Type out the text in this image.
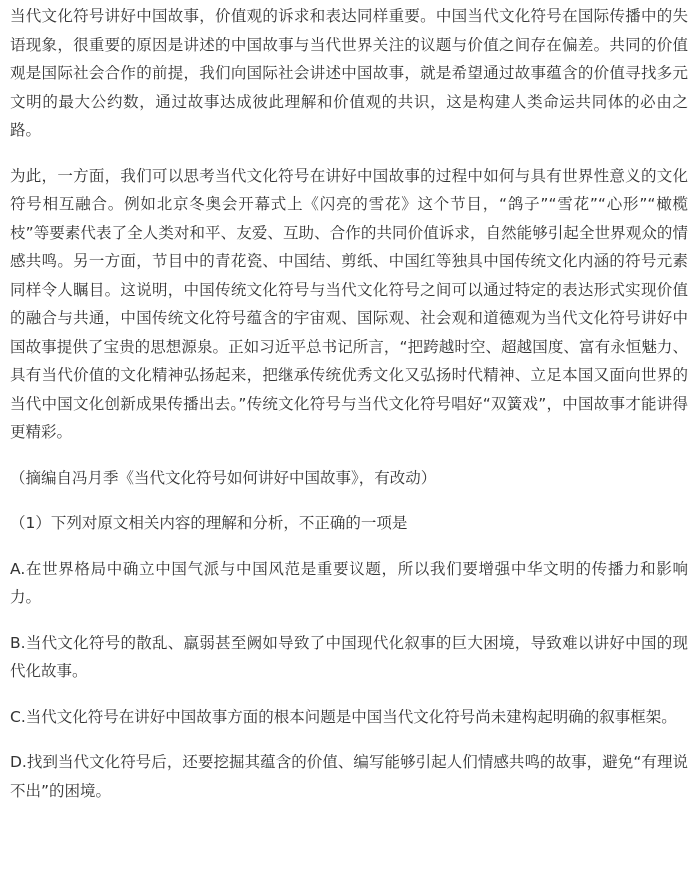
当代文化符号讲好中国故事，价值观的诉求和表达同样重要。中国当代文化符号在国际传播中的失语现象，很重要的原因是讲述的中国故事与当代世界关注的议题与价值之间存在偏差。共同的价值观是国际社会合作的前提，我们向国际社会讲述中国故事，就是希望通过故事蕴含的价值寻找多元文明的最大公约数，通过故事达成彼此理解和价值观的共识，这是构建人类命运共同体的必由之路。

为此，一方面，我们可以思考当代文化符号在讲好中国故事的过程中如何与具有世界性意义的文化符号相互融合。例如北京冬奥会开幕式上《闪亮的雪花》这个节目，“鸽子”“雪花”“心形”“橄榄枝”等要素代表了全人类对和平、友爱、互助、合作的共同价值诉求，自然能够引起全世界观众的情感共鸣。另一方面，节目中的青花瓷、中国结、剪纸、中国红等独具中国传统文化内涵的符号元素同样令人瞩目。这说明，中国传统文化符号与当代文化符号之间可以通过特定的表达形式实现价值的融合与共通，中国传统文化符号蕴含的宇宙观、国际观、社会观和道德观为当代文化符号讲好中国故事提供了宝贵的思想源泉。正如习近平总书记所言，“把跨越时空、超越国度、富有永恒魅力、具有当代价值的文化精神弘扬起来，把继承传统优秀文化又弘扬时代精神、立足本国又面向世界的当代中国文化创新成果传播出去。”传统文化符号与当代文化符号唱好“双簧戏”，中国故事才能讲得更精彩。

（摘编自冯月季《当代文化符号如何讲好中国故事》，有改动）

（1）下列对原文相关内容的理解和分析，不正确的一项是

A.在世界格局中确立中国气派与中国风范是重要议题，所以我们要增强中华文明的传播力和影响力。

B.当代文化符号的散乱、羸弱甚至阙如导致了中国现代化叙事的巨大困境，导致难以讲好中国的现代化故事。

C.当代文化符号在讲好中国故事方面的根本问题是中国当代文化符号尚未建构起明确的叙事框架。

D.找到当代文化符号后，还要挖掘其蕴含的价值、编写能够引起人们情感共鸣的故事，避免“有理说不出”的困境。
